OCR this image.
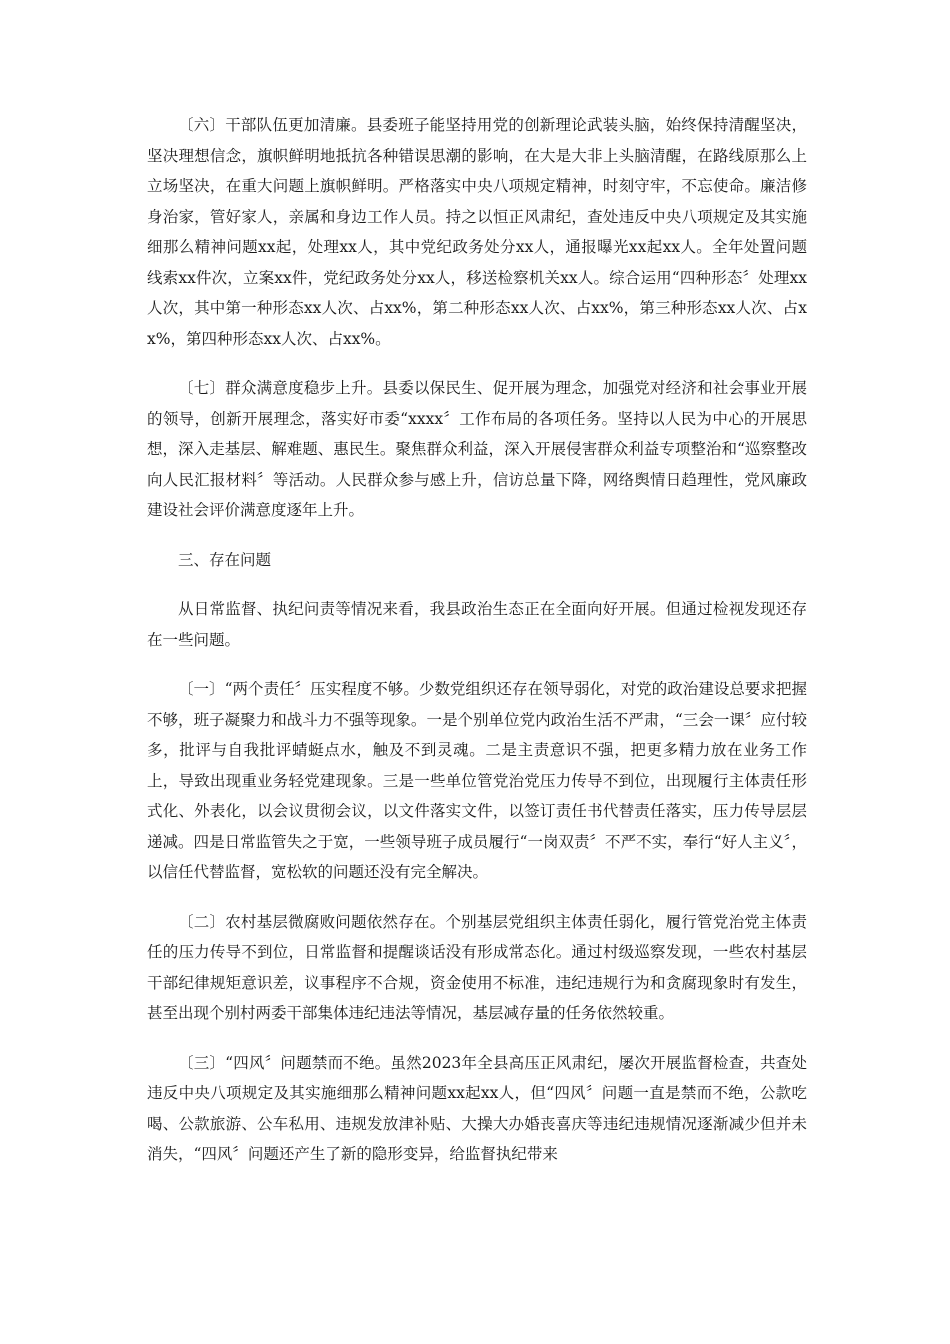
〔六〕干部队伍更加清廉。县委班子能坚持用党的创新理论武装头脑，始终保持清醒坚决，坚决理想信念，旗帜鲜明地抵抗各种错误思潮的影响，在大是大非上头脑清醒，在路线原那么上立场坚决，在重大问题上旗帜鲜明。严格落实中央八项规定精神，时刻守牢，不忘使命。廉洁修身治家，管好家人，亲属和身边工作人员。持之以恒正风肃纪，查处违反中央八项规定及其实施细那么精神问题xx起，处理xx人，其中党纪政务处分xx人，通报曝光xx起xx人。全年处置问题线索xx件次，立案xx件，党纪政务处分xx人，移送检察机关xx人。综合运用“四种形态〞处理xx人次，其中第一种形态xx人次、占xx%，第二种形态xx人次、占xx%，第三种形态xx人次、占xx%，第四种形态xx人次、占xx%。

〔七〕群众满意度稳步上升。县委以保民生、促开展为理念，加强党对经济和社会事业开展的领导，创新开展理念，落实好市委“xxxx〞工作布局的各项任务。坚持以人民为中心的开展思想，深入走基层、解难题、惠民生。聚焦群众利益，深入开展侵害群众利益专项整治和“巡察整改向人民汇报材料〞等活动。人民群众参与感上升，信访总量下降，网络舆情日趋理性，党风廉政建设社会评价满意度逐年上升。

三、存在问题

从日常监督、执纪问责等情况来看，我县政治生态正在全面向好开展。但通过检视发现还存在一些问题。

〔一〕“两个责任〞压实程度不够。少数党组织还存在领导弱化，对党的政治建设总要求把握不够，班子凝聚力和战斗力不强等现象。一是个别单位党内政治生活不严肃，“三会一课〞应付较多，批评与自我批评蜻蜓点水，触及不到灵魂。二是主责意识不强，把更多精力放在业务工作上，导致出现重业务轻党建现象。三是一些单位管党治党压力传导不到位，出现履行主体责任形式化、外表化，以会议贯彻会议，以文件落实文件，以签订责任书代替责任落实，压力传导层层递减。四是日常监管失之于宽，一些领导班子成员履行“一岗双责〞不严不实，奉行“好人主义〞，以信任代替监督，宽松软的问题还没有完全解决。

〔二〕农村基层微腐败问题依然存在。个别基层党组织主体责任弱化，履行管党治党主体责任的压力传导不到位，日常监督和提醒谈话没有形成常态化。通过村级巡察发现，一些农村基层干部纪律规矩意识差，议事程序不合规，资金使用不标准，违纪违规行为和贪腐现象时有发生，甚至出现个别村两委干部集体违纪违法等情况，基层减存量的任务依然较重。

〔三〕“四风〞问题禁而不绝。虽然2023年全县高压正风肃纪，屡次开展监督检查，共查处违反中央八项规定及其实施细那么精神问题xx起xx人，但“四风〞问题一直是禁而不绝，公款吃喝、公款旅游、公车私用、违规发放津补贴、大操大办婚丧喜庆等违纪违规情况逐渐减少但并未消失，“四风〞问题还产生了新的隐形变异，给监督执纪带来
